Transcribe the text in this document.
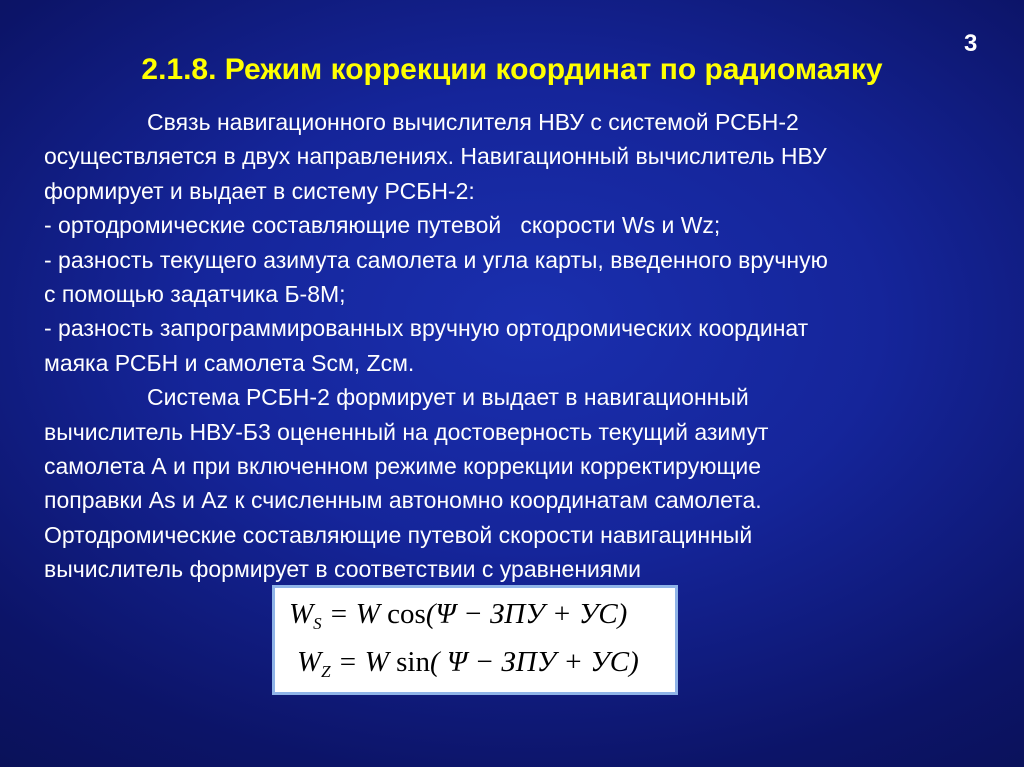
3
2.1.8. Режим коррекции координат по радиомаяку
Связь навигационного вычислителя НВУ с системой РСБН-2
осуществляется в двух направлениях. Навигационный вычислитель НВУ
формирует и выдает в систему РСБН-2:
- ортодромические составляющие путевой   скорости Ws и Wz;
- разность текущего азимута самолета и угла карты, введенного вручную
с помощью задатчика Б-8М;
- разность запрограммированных вручную ортодромических координат
маяка РСБН и самолета Sсм, Zсм.
Система РСБН-2 формирует и выдает в навигационный
вычислитель НВУ-Б3 оцененный на достоверность текущий азимут
самолета А и при включенном режиме коррекции корректирующие
поправки Аs и Az к счисленным автономно координатам самолета.
Ортодромические составляющие путевой скорости навигацинный
вычислитель формирует в соответствии с уравнениями
$W_S = W$ cos(Ψ − ЗПУ + УС)
$W_Z = W$ sin( Ψ − ЗПУ + УС)
